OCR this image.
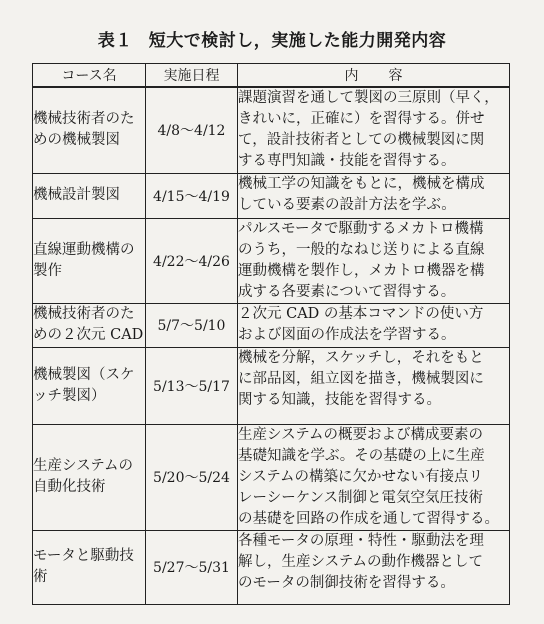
表１ 短大で検討し，実施した能力開発内容
コース名	実施日程	内容
機械技術者のための機械製図	4/8～4/12	課題演習を通して製図の三原則（早く，
きれいに，正確に）を習得する。併せ
て，設計技術者としての機械製図に関
する専門知識・技能を習得する。

機械設計製図	4/15～4/19	機械工学の知識をもとに，機械を構成
している要素の設計方法を学ぶ。

直線運動機構の製作	4/22～4/26	パルスモータで駆動するメカトロ機構
のうち，一般的なねじ送りによる直線
運動機構を製作し，メカトロ機器を構
成する各要素について習得する。

機械技術者のための２次元 CAD	5/7～5/10	２次元 CAD の基本コマンドの使い方
および図面の作成法を学習する。

機械製図（スケッチ製図）	5/13～5/17	機械を分解，スケッチし，それをもと
に部品図，組立図を描き，機械製図に
関する知識，技能を習得する。

生産システムの自動化技術	5/20～5/24	生産システムの概要および構成要素の
基礎知識を学ぶ。その基礎の上に生産
システムの構築に欠かせない有接点リ
レーシーケンス制御と電気空気圧技術
の基礎を回路の作成を通して習得する。

モータと駆動技術	5/27～5/31	各種モータの原理・特性・駆動法を理
解し，生産システムの動作機器として
のモータの制御技術を習得する。
